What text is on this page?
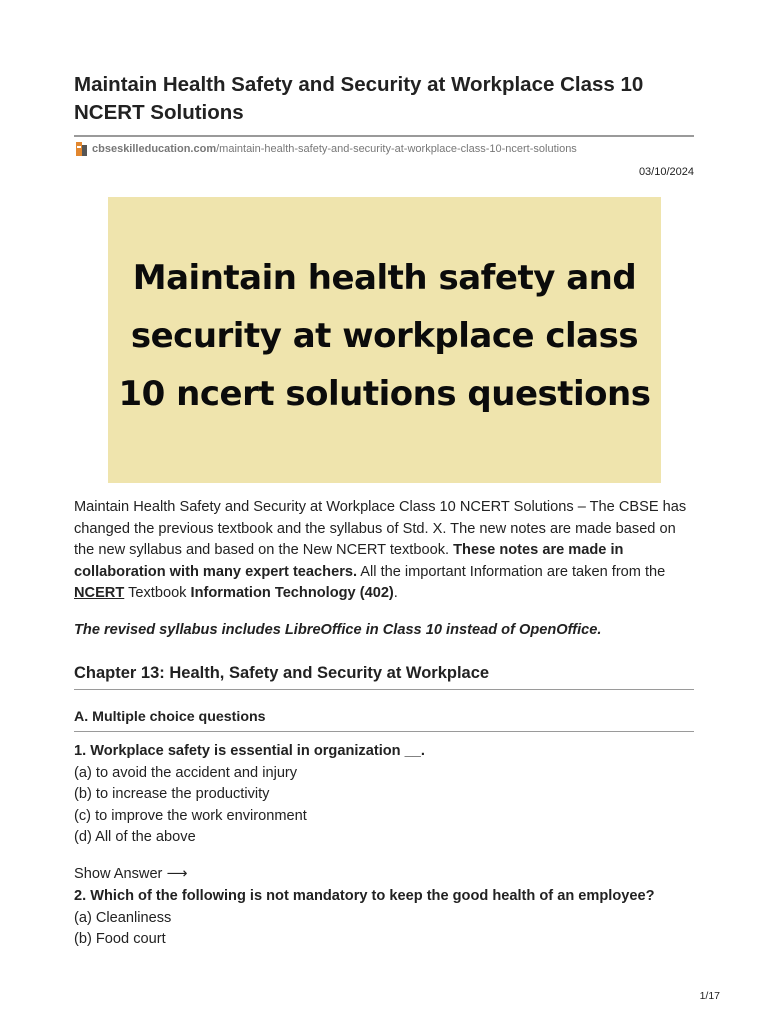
Maintain Health Safety and Security at Workplace Class 10 NCERT Solutions
cbseskilleducation.com /maintain-health-safety-and-security-at-workplace-class-10-ncert-solutions
03/10/2024
Maintain health safety and security at workplace class 10 ncert solutions questions
Maintain Health Safety and Security at Workplace Class 10 NCERT Solutions – The CBSE has changed the previous textbook and the syllabus of Std. X. The new notes are made based on the new syllabus and based on the New NCERT textbook. These notes are made in collaboration with many expert teachers. All the important Information are taken from the NCERT Textbook Information Technology (402).
The revised syllabus includes LibreOffice in Class 10 instead of OpenOffice.
Chapter 13: Health, Safety and Security at Workplace
A. Multiple choice questions
1. Workplace safety is essential in organization __.
(a) to avoid the accident and injury
(b) to increase the productivity
(c) to improve the work environment
(d) All of the above
Show Answer ⟶
2. Which of the following is not mandatory to keep the good health of an employee?
(a) Cleanliness
(b) Food court
1/17
